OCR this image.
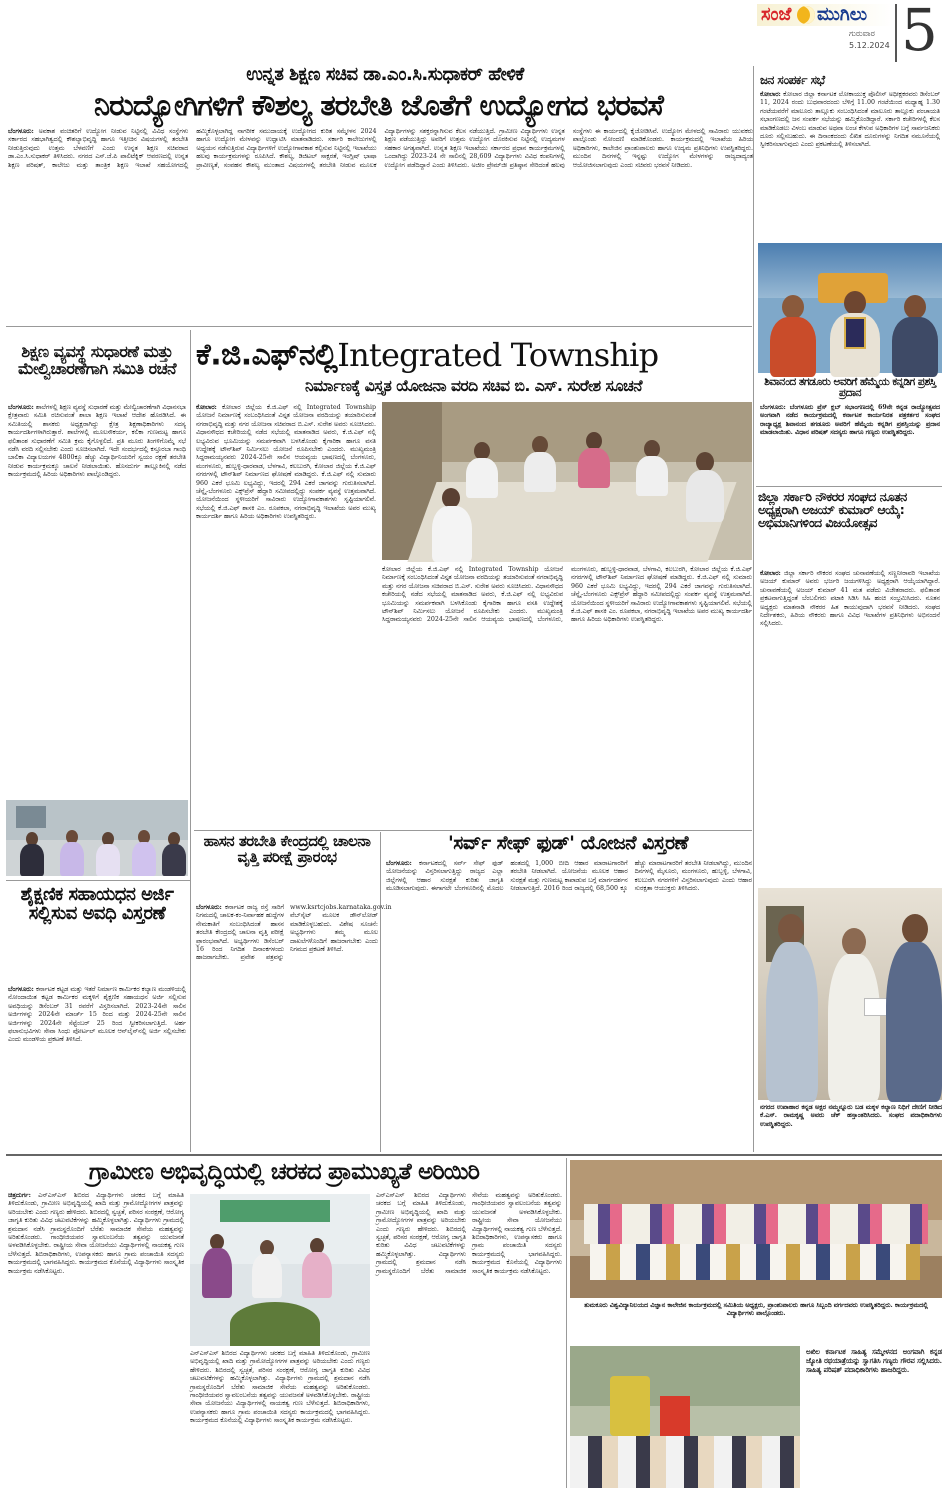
ಸಂಜೆ ಮುಗಿಲು
ಗುರುವಾರ
5.12.2024 5
ಉನ್ನತ ಶಿಕ್ಷಣ ಸಚಿವ ಡಾ.ಎಂ.ಸಿ.ಸುಧಾಕರ್ ಹೇಳಿಕೆ
ನಿರುದ್ಯೋಗಿಗಳಿಗೆ ಕೌಶಲ್ಯ ತರಬೇತಿ ಜೊತೆಗೆ ಉದ್ಯೋಗದ ಭರವಸೆ
ಬೆಂಗಳೂರು: ಅವಕಾಶ ವಂಚಿತರಿಗೆ ಉದ್ಯೋಗ ನೀಡುವ ನಿಟ್ಟಿನಲ್ಲಿ ವಿವಿಧ ಸಂಸ್ಥೆಗಳು ಸರ್ಕಾರದ ಸಹಭಾಗಿತ್ವದಲ್ಲಿ ಕೌಶಲ್ಯಾಭಿವೃದ್ಧಿ ಹಾಗೂ ಇತ್ತೀಚಿನ ವಿಷಯಗಳಲ್ಲಿ ತರಬೇತಿ ನೀಡುತ್ತಿರುವುದು ಉತ್ತಮ ಬೆಳವಣಿಗೆ ಎಂದು ಉನ್ನತ ಶಿಕ್ಷಣ ಸಚಿವರಾದ ಡಾ.ಎಂ.ಸಿ.ಸುಧಾಕರ್ ತಿಳಿಸಿದರು. ನಗರದ ಎಸ್.ಜೆ.ಪಿ ಪಾಲಿಟೆಕ್ನಿಕ್ ಆವರಣದಲ್ಲಿ ಉನ್ನತ ಶಿಕ್ಷಣ ಪರಿಷತ್, ಕಾಲೇಜು ಮತ್ತು ತಾಂತ್ರಿಕ ಶಿಕ್ಷಣ ಇಲಾಖೆ ಸಹಯೋಗದಲ್ಲಿ ಹಮ್ಮಿಕೊಳ್ಳಲಾಗಿದ್ದ ನಾಗರೀಕ ಸಮುದಾಯಕ್ಕೆ ಉದ್ಯೋಗದ ಕುರಿತ ಸಮ್ಮೇಳನ 2024 ಹಾಗೂ ಉದ್ಯೋಗ ಮೇಳವನ್ನು ಉದ್ಘಾಟಿಸಿ ಮಾತನಾಡಿದರು. ಸರ್ಕಾರಿ ಕಾಲೇಜುಗಳಲ್ಲಿ ಅಧ್ಯಯನ ನಡೆಸುತ್ತಿರುವ ವಿದ್ಯಾರ್ಥಿಗಳಿಗೆ ಉದ್ಯೋಗಾವಕಾಶ ಕಲ್ಪಿಸುವ ನಿಟ್ಟಿನಲ್ಲಿ ಇಲಾಖೆಯು ಹಲವು ಕಾರ್ಯಕ್ರಮಗಳನ್ನು ರೂಪಿಸಿದೆ. ಕೌಶಲ್ಯ, ಡಿಜಿಟಲ್ ಸಾಕ್ಷರತೆ, ಇಂಗ್ಲಿಷ್ ಭಾಷಾ ಪ್ರಾವೀಣ್ಯತೆ, ಸಂವಹನ ಕೌಶಲ್ಯ ಮುಂತಾದ ವಿಷಯಗಳಲ್ಲಿ ತರಬೇತಿ ನೀಡುವ ಮೂಲಕ ವಿದ್ಯಾರ್ಥಿಗಳನ್ನು ಸಶಕ್ತರನ್ನಾಗಿಸುವ ಕೆಲಸ ನಡೆಯುತ್ತಿದೆ. ಗ್ರಾಮೀಣ ವಿದ್ಯಾರ್ಥಿಗಳು ಉನ್ನತ ಶಿಕ್ಷಣ ಪಡೆಯುತ್ತಿದ್ದು ಅವರಿಗೆ ಉತ್ತಮ ಉದ್ಯೋಗ ದೊರಕಿಸುವ ನಿಟ್ಟಿನಲ್ಲಿ ಉದ್ಯಮಗಳ ಸಹಕಾರ ಅಗತ್ಯವಾಗಿದೆ. ಉನ್ನತ ಶಿಕ್ಷಣ ಇಲಾಖೆಯು ಸರ್ಕಾರದ ಪ್ರಧಾನ ಕಾರ್ಯಕ್ರಮಗಳಲ್ಲಿ ಒಂದಾಗಿದ್ದು 2023-24 ನೇ ಸಾಲಿನಲ್ಲಿ 28,609 ವಿದ್ಯಾರ್ಥಿಗಳು ವಿವಿಧ ಕಂಪನಿಗಳಲ್ಲಿ ಉದ್ಯೋಗ ಪಡೆದಿದ್ದಾರೆ ಎಂದು ತಿಳಿಸಿದರು. ಅಜೀಂ ಪ್ರೇಮ್‌ಜೀ ಪ್ರತಿಷ್ಠಾನ ಸೇರಿದಂತೆ ಹಲವು ಸಂಸ್ಥೆಗಳು ಈ ಕಾರ್ಯದಲ್ಲಿ ಕೈಜೋಡಿಸಿವೆ. ಉದ್ಯೋಗ ಮೇಳದಲ್ಲಿ ಸಾವಿರಾರು ಯುವಕರು ಪಾಲ್ಗೊಂಡು ನೋಂದಣಿ ಮಾಡಿಕೊಂಡರು. ಕಾರ್ಯಕ್ರಮದಲ್ಲಿ ಇಲಾಖೆಯ ಹಿರಿಯ ಅಧಿಕಾರಿಗಳು, ಕಾಲೇಜಿನ ಪ್ರಾಂಶುಪಾಲರು ಹಾಗೂ ಉದ್ಯಮ ಪ್ರತಿನಿಧಿಗಳು ಉಪಸ್ಥಿತರಿದ್ದರು. ಮುಂದಿನ ದಿನಗಳಲ್ಲಿ ಇನ್ನಷ್ಟು ಉದ್ಯೋಗ ಮೇಳಗಳನ್ನು ರಾಜ್ಯದಾದ್ಯಂತ ಆಯೋಜಿಸಲಾಗುವುದು ಎಂದು ಸಚಿವರು ಭರವಸೆ ನೀಡಿದರು.
ಜನ ಸಂಪರ್ಕ ಸಭೆ
ಕೋಲಾರ: ಕೋಲಾರ ಜಿಲ್ಲಾ ಕರ್ನಾಟಕ ಲೋಕಾಯುಕ್ತ ಪೊಲೀಸ್ ಅಧೀಕ್ಷಕರವರು ಡಿಸೆಂಬರ್ 11, 2024 ರಂದು ಬುಧವಾರದಂದು ಬೆಳಿಗ್ಗೆ 11.00 ಗಂಟೆಯಿಂದ ಮಧ್ಯಾಹ್ನ 1.30 ಗಂಟೆಯವರೆಗೆ ಮಾಲೂರು ತಾಲ್ಲೂಕು ಸಂಬಂಧಿಸಿದಂತೆ ಮಾಲೂರು ತಾಲ್ಲೂಕು ಪಂಚಾಯತಿ ಸಭಾಂಗಣದಲ್ಲಿ ಜನ ಸಂಪರ್ಕ ಸಭೆಯನ್ನು ಹಮ್ಮಿಕೊಂಡಿದ್ದಾರೆ. ಸರ್ಕಾರಿ ಕಚೇರಿಗಳಲ್ಲಿ ಕೆಲಸ ಮಾಡಿಕೊಡಲು ವಿಳಂಬ ಮಾಡುವ ಅಥವಾ ಲಂಚ ಕೇಳುವ ಅಧಿಕಾರಿಗಳ ಬಗ್ಗೆ ಸಾರ್ವಜನಿಕರು ದೂರು ಸಲ್ಲಿಸಬಹುದು. ಈ ದಿನಾಂಕದಂದು ಲಿಖಿತ ದೂರುಗಳನ್ನು ನಿಗದಿತ ನಮೂನೆಯಲ್ಲಿ ಸ್ವೀಕರಿಸಲಾಗುವುದು ಎಂದು ಪ್ರಕಟಣೆಯಲ್ಲಿ ತಿಳಿಸಲಾಗಿದೆ.
ಶಿವಾನಂದ ತಗಡೂರು ಅವರಿಗೆ ಹೆಮ್ಮೆಯ ಕನ್ನಡಿಗ ಪ್ರಶಸ್ತಿ ಪ್ರದಾನ
ಬೆಂಗಳೂರು: ಬೆಂಗಳೂರು ಪ್ರೆಸ್ ಕ್ಲಬ್ ಸಭಾಂಗಣದಲ್ಲಿ 69ನೇ ಕನ್ನಡ ರಾಜ್ಯೋತ್ಸವದ ಅಂಗವಾಗಿ ನಡೆದ ಕಾರ್ಯಕ್ರಮದಲ್ಲಿ ಕರ್ನಾಟಕ ಕಾರ್ಯನಿರತ ಪತ್ರಕರ್ತರ ಸಂಘದ ರಾಜ್ಯಾಧ್ಯಕ್ಷ ಶಿವಾನಂದ ತಗಡೂರು ಅವರಿಗೆ ಹೆಮ್ಮೆಯ ಕನ್ನಡಿಗ ಪ್ರಶಸ್ತಿಯನ್ನು ಪ್ರದಾನ ಮಾಡಲಾಯಿತು. ವಿಧಾನ ಪರಿಷತ್ ಸದಸ್ಯರು ಹಾಗೂ ಗಣ್ಯರು ಉಪಸ್ಥಿತರಿದ್ದರು.
ಜಿಲ್ಲಾ ಸರ್ಕಾರಿ ನೌಕರರ ಸಂಘದ ನೂತನ ಅಧ್ಯಕ್ಷರಾಗಿ ಅಜಯ್ ಕುಮಾರ್ ಆಯ್ಕೆ: ಅಭಿಮಾನಿಗಳಿಂದ ವಿಜಯೋತ್ಸವ
ಕೋಲಾರ: ಜಿಲ್ಲಾ ಸರ್ಕಾರಿ ನೌಕರರ ಸಂಘದ ಚುನಾವಣೆಯಲ್ಲಿ ಸಣ್ಣನೀರಾವರಿ ಇಲಾಖೆಯ ಅಜಯ್ ಕುಮಾರ್ ಅವರು ಭರ್ಜರಿ ಜಯಗಳಿಸಿದ್ದು ಅಧ್ಯಕ್ಷರಾಗಿ ಆಯ್ಕೆಯಾಗಿದ್ದಾರೆ. ಚುನಾವಣೆಯಲ್ಲಿ ಅಜಯ್ ಕುಮಾರ್ 41 ಮತ ಪಡೆದು ವಿಜೇತರಾದರು. ಫಲಿತಾಂಶ ಪ್ರಕಟವಾಗುತ್ತಿದ್ದಂತೆ ಬೆಂಬಲಿಗರು ಪಟಾಕಿ ಸಿಡಿಸಿ ಸಿಹಿ ಹಂಚಿ ಸಂಭ್ರಮಿಸಿದರು. ನೂತನ ಅಧ್ಯಕ್ಷರು ಮಾತನಾಡಿ ನೌಕರರ ಹಿತ ಕಾಯುವುದಾಗಿ ಭರವಸೆ ನೀಡಿದರು. ಸಂಘದ ನಿರ್ದೇಶಕರು, ಹಿರಿಯ ನೌಕರರು ಹಾಗೂ ವಿವಿಧ ಇಲಾಖೆಗಳ ಪ್ರತಿನಿಧಿಗಳು ಅಭಿನಂದನೆ ಸಲ್ಲಿಸಿದರು.
ನಗರದ ಉಪಾಹಾರ ಕನ್ನಡ ಅಕ್ಷರ ನಮ್ಮನ್ನೂರು ಬಡ ಮಕ್ಕಳ ಕಲ್ಯಾಣ ನಿಧಿಗೆ ದೇಣಿಗೆ ನೀಡಿದ ಕೆ.ಎಸ್. ರಾಮಕೃಷ್ಣ ಅವರು ಚೆಕ್ ಹಸ್ತಾಂತರಿಸಿದರು. ಸಂಘದ ಪದಾಧಿಕಾರಿಗಳು ಉಪಸ್ಥಿತರಿದ್ದರು.
ಶಿಕ್ಷಣ ವ್ಯವಸ್ಥೆ ಸುಧಾರಣೆ ಮತ್ತು ಮೇಲ್ವಿಚಾರಣೆಗಾಗಿ ಸಮಿತಿ ರಚನೆ
ಬೆಂಗಳೂರು: ಶಾಲೆಗಳಲ್ಲಿ ಶಿಕ್ಷಣ ವ್ಯವಸ್ಥೆ ಸುಧಾರಣೆ ಮತ್ತು ಮೇಲ್ವಿಚಾರಣೆಗಾಗಿ ವಿಧಾನಸಭಾ ಕ್ಷೇತ್ರವಾರು ಸಮಿತಿ ರಚಿಸುವಂತೆ ಶಾಲಾ ಶಿಕ್ಷಣ ಇಲಾಖೆ ಆದೇಶ ಹೊರಡಿಸಿದೆ. ಈ ಸಮಿತಿಯಲ್ಲಿ ಶಾಸಕರು ಅಧ್ಯಕ್ಷರಾಗಿದ್ದು ಕ್ಷೇತ್ರ ಶಿಕ್ಷಣಾಧಿಕಾರಿಗಳು ಸದಸ್ಯ ಕಾರ್ಯದರ್ಶಿಗಳಾಗಿರುತ್ತಾರೆ. ಶಾಲೆಗಳಲ್ಲಿ ಮೂಲಸೌಕರ್ಯ, ಕಲಿಕಾ ಗುಣಮಟ್ಟ ಹಾಗೂ ಫಲಿತಾಂಶ ಸುಧಾರಣೆಗೆ ಸಮಿತಿ ಕ್ರಮ ಕೈಗೊಳ್ಳಲಿದೆ. ಪ್ರತಿ ಮೂರು ತಿಂಗಳಿಗೊಮ್ಮೆ ಸಭೆ ನಡೆಸಿ ವರದಿ ಸಲ್ಲಿಸಬೇಕು ಎಂದು ಸೂಚಿಸಲಾಗಿದೆ. ಇದೇ ಸಂದರ್ಭದಲ್ಲಿ ಕಸ್ತೂರಬಾ ಗಾಂಧಿ ಬಾಲಿಕಾ ವಿದ್ಯಾಲಯಗಳ 4800ಕ್ಕೂ ಹೆಚ್ಚು ವಿದ್ಯಾರ್ಥಿನಿಯರಿಗೆ ಸ್ವಯಂ ರಕ್ಷಣೆ ತರಬೇತಿ ನೀಡುವ ಕಾರ್ಯಕ್ರಮಕ್ಕೂ ಚಾಲನೆ ನೀಡಲಾಯಿತು. ಹೊಸದುರ್ಗ ತಾಲ್ಲೂಕಿನಲ್ಲಿ ನಡೆದ ಕಾರ್ಯಕ್ರಮದಲ್ಲಿ ಹಿರಿಯ ಅಧಿಕಾರಿಗಳು ಪಾಲ್ಗೊಂಡಿದ್ದರು.
ಶೈಕ್ಷಣಿಕ ಸಹಾಯಧನ ಅರ್ಜಿ ಸಲ್ಲಿಸುವ ಅವಧಿ ವಿಸ್ತರಣೆ
ಬೆಂಗಳೂರು: ಕರ್ನಾಟಕ ಕಟ್ಟಡ ಮತ್ತು ಇತರೆ ನಿರ್ಮಾಣ ಕಾರ್ಮಿಕರ ಕಲ್ಯಾಣ ಮಂಡಳಿಯಲ್ಲಿ ನೋಂದಾಯಿತ ಕಟ್ಟಡ ಕಾರ್ಮಿಕರ ಮಕ್ಕಳಿಗೆ ಶೈಕ್ಷಣಿಕ ಸಹಾಯಧನ ಅರ್ಜಿ ಸಲ್ಲಿಸುವ ಅವಧಿಯನ್ನು ಡಿಸೆಂಬರ್ 31 ರವರೆಗೆ ವಿಸ್ತರಿಸಲಾಗಿದೆ. 2023-24ನೇ ಸಾಲಿನ ಅರ್ಜಿಗಳನ್ನು 2024ನೇ ಮಾರ್ಚ್ 15 ರಿಂದ ಮತ್ತು 2024-25ನೇ ಸಾಲಿನ ಅರ್ಜಿಗಳನ್ನು 2024ನೇ ಸೆಪ್ಟೆಂಬರ್ 25 ರಿಂದ ಸ್ವೀಕರಿಸಲಾಗುತ್ತಿದೆ. ಅರ್ಹ ಫಲಾನುಭವಿಗಳು ಸೇವಾ ಸಿಂಧು ಪೋರ್ಟಲ್ ಮೂಲಕ ಆನ್‌ಲೈನ್‌ನಲ್ಲಿ ಅರ್ಜಿ ಸಲ್ಲಿಸಬೇಕು ಎಂದು ಮಂಡಳಿಯ ಪ್ರಕಟಣೆ ತಿಳಿಸಿದೆ.
ಕೆ.ಜಿ.ಎಫ್‌ನಲ್ಲಿIntegrated Township
ನಿರ್ಮಾಣಕ್ಕೆ ವಿಸ್ತೃತ ಯೋಜನಾ ವರದಿ ಸಚಿವ ಬಿ. ಎಸ್. ಸುರೇಶ ಸೂಚನೆ
ಕೋಲಾರ: ಕೋಲಾರ ಜಿಲ್ಲೆಯ ಕೆ.ಜಿ.ಎಫ್ ನಲ್ಲಿ Integrated Township ಯೋಜನೆ ನಿರ್ಮಾಣಕ್ಕೆ ಸಂಬಂಧಿಸಿದಂತೆ ವಿಸ್ತೃತ ಯೋಜನಾ ವರದಿಯನ್ನು ತಯಾರಿಸುವಂತೆ ನಗರಾಭಿವೃದ್ಧಿ ಮತ್ತು ನಗರ ಯೋಜನಾ ಸಚಿವರಾದ ಬಿ.ಎಸ್. ಸುರೇಶ ಅವರು ಸೂಚಿಸಿದರು. ವಿಧಾನಸೌಧದ ಕಚೇರಿಯಲ್ಲಿ ನಡೆದ ಸಭೆಯಲ್ಲಿ ಮಾತನಾಡಿದ ಅವರು, ಕೆ.ಜಿ.ಎಫ್ ನಲ್ಲಿ ಲಭ್ಯವಿರುವ ಭೂಮಿಯನ್ನು ಸಮರ್ಪಕವಾಗಿ ಬಳಸಿಕೊಂಡು ಕೈಗಾರಿಕಾ ಹಾಗೂ ವಸತಿ ಉದ್ದೇಶಕ್ಕೆ ಟೌನ್‌ಶಿಪ್ ನಿರ್ಮಿಸಲು ಯೋಜನೆ ರೂಪಿಸಬೇಕು ಎಂದರು. ಮುಖ್ಯಮಂತ್ರಿ ಸಿದ್ದರಾಮಯ್ಯನವರು 2024-25ನೇ ಸಾಲಿನ ಆಯವ್ಯಯ ಭಾಷಣದಲ್ಲಿ ಬೆಂಗಳೂರು, ಮಂಗಳೂರು, ಹುಬ್ಬಳ್ಳಿ-ಧಾರವಾಡ, ಬೆಳಗಾವಿ, ಕಲಬುರಗಿ, ಕೋಲಾರ ಜಿಲ್ಲೆಯ ಕೆ.ಜಿ.ಎಫ್ ನಗರಗಳಲ್ಲಿ ಟೌನ್‌ಶಿಪ್ ನಿರ್ಮಾಣದ ಘೋಷಣೆ ಮಾಡಿದ್ದರು. ಕೆ.ಜಿ.ಎಫ್ ನಲ್ಲಿ ಸುಮಾರು 960 ಎಕರೆ ಭೂಮಿ ಲಭ್ಯವಿದ್ದು, ಇದರಲ್ಲಿ 294 ಎಕರೆ ಜಾಗವನ್ನು ಗುರುತಿಸಲಾಗಿದೆ. ಚೆನ್ನೈ-ಬೆಂಗಳೂರು ಎಕ್ಸ್‌ಪ್ರೆಸ್ ಹೆದ್ದಾರಿ ಸಮೀಪದಲ್ಲಿದ್ದು ಸಂಪರ್ಕ ವ್ಯವಸ್ಥೆ ಉತ್ತಮವಾಗಿದೆ. ಯೋಜನೆಯಿಂದ ಸ್ಥಳೀಯರಿಗೆ ಸಾವಿರಾರು ಉದ್ಯೋಗಾವಕಾಶಗಳು ಸೃಷ್ಟಿಯಾಗಲಿವೆ. ಸಭೆಯಲ್ಲಿ ಕೆ.ಜಿ.ಎಫ್ ಶಾಸಕಿ ಎಂ. ರೂಪಕಲಾ, ನಗರಾಭಿವೃದ್ಧಿ ಇಲಾಖೆಯ ಅಪರ ಮುಖ್ಯ ಕಾರ್ಯದರ್ಶಿ ಹಾಗೂ ಹಿರಿಯ ಅಧಿಕಾರಿಗಳು ಉಪಸ್ಥಿತರಿದ್ದರು.
ಕೋಲಾರ ಜಿಲ್ಲೆಯ ಕೆ.ಜಿ.ಎಫ್ ನಲ್ಲಿ Integrated Township ಯೋಜನೆ ನಿರ್ಮಾಣಕ್ಕೆ ಸಂಬಂಧಿಸಿದಂತೆ ವಿಸ್ತೃತ ಯೋಜನಾ ವರದಿಯನ್ನು ತಯಾರಿಸುವಂತೆ ನಗರಾಭಿವೃದ್ಧಿ ಮತ್ತು ನಗರ ಯೋಜನಾ ಸಚಿವರಾದ ಬಿ.ಎಸ್. ಸುರೇಶ ಅವರು ಸೂಚಿಸಿದರು. ವಿಧಾನಸೌಧದ ಕಚೇರಿಯಲ್ಲಿ ನಡೆದ ಸಭೆಯಲ್ಲಿ ಮಾತನಾಡಿದ ಅವರು, ಕೆ.ಜಿ.ಎಫ್ ನಲ್ಲಿ ಲಭ್ಯವಿರುವ ಭೂಮಿಯನ್ನು ಸಮರ್ಪಕವಾಗಿ ಬಳಸಿಕೊಂಡು ಕೈಗಾರಿಕಾ ಹಾಗೂ ವಸತಿ ಉದ್ದೇಶಕ್ಕೆ ಟೌನ್‌ಶಿಪ್ ನಿರ್ಮಿಸಲು ಯೋಜನೆ ರೂಪಿಸಬೇಕು ಎಂದರು. ಮುಖ್ಯಮಂತ್ರಿ ಸಿದ್ದರಾಮಯ್ಯನವರು 2024-25ನೇ ಸಾಲಿನ ಆಯವ್ಯಯ ಭಾಷಣದಲ್ಲಿ ಬೆಂಗಳೂರು, ಮಂಗಳೂರು, ಹುಬ್ಬಳ್ಳಿ-ಧಾರವಾಡ, ಬೆಳಗಾವಿ, ಕಲಬುರಗಿ, ಕೋಲಾರ ಜಿಲ್ಲೆಯ ಕೆ.ಜಿ.ಎಫ್ ನಗರಗಳಲ್ಲಿ ಟೌನ್‌ಶಿಪ್ ನಿರ್ಮಾಣದ ಘೋಷಣೆ ಮಾಡಿದ್ದರು. ಕೆ.ಜಿ.ಎಫ್ ನಲ್ಲಿ ಸುಮಾರು 960 ಎಕರೆ ಭೂಮಿ ಲಭ್ಯವಿದ್ದು, ಇದರಲ್ಲಿ 294 ಎಕರೆ ಜಾಗವನ್ನು ಗುರುತಿಸಲಾಗಿದೆ. ಚೆನ್ನೈ-ಬೆಂಗಳೂರು ಎಕ್ಸ್‌ಪ್ರೆಸ್ ಹೆದ್ದಾರಿ ಸಮೀಪದಲ್ಲಿದ್ದು ಸಂಪರ್ಕ ವ್ಯವಸ್ಥೆ ಉತ್ತಮವಾಗಿದೆ. ಯೋಜನೆಯಿಂದ ಸ್ಥಳೀಯರಿಗೆ ಸಾವಿರಾರು ಉದ್ಯೋಗಾವಕಾಶಗಳು ಸೃಷ್ಟಿಯಾಗಲಿವೆ. ಸಭೆಯಲ್ಲಿ ಕೆ.ಜಿ.ಎಫ್ ಶಾಸಕಿ ಎಂ. ರೂಪಕಲಾ, ನಗರಾಭಿವೃದ್ಧಿ ಇಲಾಖೆಯ ಅಪರ ಮುಖ್ಯ ಕಾರ್ಯದರ್ಶಿ ಹಾಗೂ ಹಿರಿಯ ಅಧಿಕಾರಿಗಳು ಉಪಸ್ಥಿತರಿದ್ದರು.
ಹಾಸನ ತರಬೇತಿ ಕೇಂದ್ರದಲ್ಲಿ ಚಾಲನಾ ವೃತ್ತಿ ಪರೀಕ್ಷೆ ಪ್ರಾರಂಭ
ಬೆಂಗಳೂರು: ಕರ್ನಾಟಕ ರಾಜ್ಯ ರಸ್ತೆ ಸಾರಿಗೆ ನಿಗಮದಲ್ಲಿ ಚಾಲಕ-ಕಂ-ನಿರ್ವಾಹಕ ಹುದ್ದೆಗಳ ನೇಮಕಾತಿಗೆ ಸಂಬಂಧಿಸಿದಂತೆ ಹಾಸನ ತರಬೇತಿ ಕೇಂದ್ರದಲ್ಲಿ ಚಾಲನಾ ವೃತ್ತಿ ಪರೀಕ್ಷೆ ಪ್ರಾರಂಭವಾಗಿದೆ. ಅಭ್ಯರ್ಥಿಗಳು ಡಿಸೆಂಬರ್ 16 ರಿಂದ ನಿಗದಿತ ದಿನಾಂಕಗಳಂದು ಹಾಜರಾಗಬೇಕು. ಪ್ರವೇಶ ಪತ್ರವನ್ನು www.ksrtcjobs.karnataka.gov.in ವೆಬ್‌ಸೈಟ್ ಮೂಲಕ ಡೌನ್‌ಲೋಡ್ ಮಾಡಿಕೊಳ್ಳಬಹುದು. ವಿಶೇಷ ಸೂಚನೆ: ಅಭ್ಯರ್ಥಿಗಳು ತಮ್ಮ ಮೂಲ ದಾಖಲೆಗಳೊಂದಿಗೆ ಹಾಜರಾಗಬೇಕು ಎಂದು ನಿಗಮದ ಪ್ರಕಟಣೆ ತಿಳಿಸಿದೆ.
'ಸರ್ವ್ ಸೇಫ್ ಫುಡ್' ಯೋಜನೆ ವಿಸ್ತರಣೆ
ಬೆಂಗಳೂರು: ಕರ್ನಾಟಕದಲ್ಲಿ ಸರ್ವ್ ಸೇಫ್ ಫುಡ್ ಯೋಜನೆಯನ್ನು ವಿಸ್ತರಿಸಲಾಗುತ್ತಿದ್ದು ರಾಜ್ಯದ ಎಲ್ಲಾ ಜಿಲ್ಲೆಗಳಲ್ಲಿ ಆಹಾರ ಸುರಕ್ಷತೆ ಕುರಿತು ಜಾಗೃತಿ ಮೂಡಿಸಲಾಗುವುದು. ಈಗಾಗಲೇ ಬೆಂಗಳೂರಿನಲ್ಲಿ ಮೊದಲ ಹಂತದಲ್ಲಿ 1,000 ಬೀದಿ ಆಹಾರ ಮಾರಾಟಗಾರರಿಗೆ ತರಬೇತಿ ನೀಡಲಾಗಿದೆ. ಯೋಜನೆಯ ಮೂಲಕ ಆಹಾರ ಸುರಕ್ಷತೆ ಮತ್ತು ಗುಣಮಟ್ಟ ಕಾಪಾಡುವ ಬಗ್ಗೆ ಮಾರ್ಗದರ್ಶನ ನೀಡಲಾಗುತ್ತಿದೆ. 2016 ರಿಂದ ರಾಜ್ಯದಲ್ಲಿ 68,500 ಕ್ಕೂ ಹೆಚ್ಚು ಮಾರಾಟಗಾರರಿಗೆ ತರಬೇತಿ ನೀಡಲಾಗಿದ್ದು, ಮುಂದಿನ ದಿನಗಳಲ್ಲಿ ಮೈಸೂರು, ಮಂಗಳೂರು, ಹುಬ್ಬಳ್ಳಿ, ಬೆಳಗಾವಿ, ಕಲಬುರಗಿ ನಗರಗಳಿಗೆ ವಿಸ್ತರಿಸಲಾಗುವುದು ಎಂದು ಆಹಾರ ಸುರಕ್ಷತಾ ಆಯುಕ್ತರು ತಿಳಿಸಿದರು.
ಗ್ರಾಮೀಣ ಅಭಿವೃದ್ಧಿಯಲ್ಲಿ ಚರಕದ ಪ್ರಾಮುಖ್ಯತೆ ಅರಿಯಿರಿ
ಚಿತ್ರದುರ್ಗ: ಎನ್‌ಎಸ್‌ಎಸ್ ಶಿಬಿರದ ವಿದ್ಯಾರ್ಥಿಗಳು ಚರಕದ ಬಗ್ಗೆ ಮಾಹಿತಿ ತಿಳಿದುಕೊಂಡು, ಗ್ರಾಮೀಣ ಅಭಿವೃದ್ಧಿಯಲ್ಲಿ ಖಾದಿ ಮತ್ತು ಗ್ರಾಮೋದ್ಯೋಗಗಳ ಪಾತ್ರವನ್ನು ಅರಿಯಬೇಕು ಎಂದು ಗಣ್ಯರು ಹೇಳಿದರು. ಶಿಬಿರದಲ್ಲಿ ಸ್ವಚ್ಛತೆ, ಪರಿಸರ ಸಂರಕ್ಷಣೆ, ಆರೋಗ್ಯ ಜಾಗೃತಿ ಕುರಿತು ವಿವಿಧ ಚಟುವಟಿಕೆಗಳನ್ನು ಹಮ್ಮಿಕೊಳ್ಳಲಾಗಿತ್ತು. ವಿದ್ಯಾರ್ಥಿಗಳು ಗ್ರಾಮದಲ್ಲಿ ಶ್ರಮದಾನ ನಡೆಸಿ ಗ್ರಾಮಸ್ಥರೊಂದಿಗೆ ಬೆರೆತು ಸಾಮಾಜಿಕ ಸೇವೆಯ ಮಹತ್ವವನ್ನು ಅರಿತುಕೊಂಡರು. ಗಾಂಧೀಜಿಯವರ ಸ್ವಾವಲಂಬನೆಯ ತತ್ವವನ್ನು ಯುವಜನತೆ ಅಳವಡಿಸಿಕೊಳ್ಳಬೇಕು. ರಾಷ್ಟ್ರೀಯ ಸೇವಾ ಯೋಜನೆಯು ವಿದ್ಯಾರ್ಥಿಗಳಲ್ಲಿ ನಾಯಕತ್ವ ಗುಣ ಬೆಳೆಸುತ್ತದೆ. ಶಿಬಿರಾಧಿಕಾರಿಗಳು, ಉಪನ್ಯಾಸಕರು ಹಾಗೂ ಗ್ರಾಮ ಪಂಚಾಯಿತಿ ಸದಸ್ಯರು ಕಾರ್ಯಕ್ರಮದಲ್ಲಿ ಭಾಗವಹಿಸಿದ್ದರು. ಕಾರ್ಯಕ್ರಮದ ಕೊನೆಯಲ್ಲಿ ವಿದ್ಯಾರ್ಥಿಗಳು ಸಾಂಸ್ಕೃತಿಕ ಕಾರ್ಯಕ್ರಮ ನಡೆಸಿಕೊಟ್ಟರು.
ಎನ್‌ಎಸ್‌ಎಸ್ ಶಿಬಿರದ ವಿದ್ಯಾರ್ಥಿಗಳು ಚರಕದ ಬಗ್ಗೆ ಮಾಹಿತಿ ತಿಳಿದುಕೊಂಡು, ಗ್ರಾಮೀಣ ಅಭಿವೃದ್ಧಿಯಲ್ಲಿ ಖಾದಿ ಮತ್ತು ಗ್ರಾಮೋದ್ಯೋಗಗಳ ಪಾತ್ರವನ್ನು ಅರಿಯಬೇಕು ಎಂದು ಗಣ್ಯರು ಹೇಳಿದರು. ಶಿಬಿರದಲ್ಲಿ ಸ್ವಚ್ಛತೆ, ಪರಿಸರ ಸಂರಕ್ಷಣೆ, ಆರೋಗ್ಯ ಜಾಗೃತಿ ಕುರಿತು ವಿವಿಧ ಚಟುವಟಿಕೆಗಳನ್ನು ಹಮ್ಮಿಕೊಳ್ಳಲಾಗಿತ್ತು. ವಿದ್ಯಾರ್ಥಿಗಳು ಗ್ರಾಮದಲ್ಲಿ ಶ್ರಮದಾನ ನಡೆಸಿ ಗ್ರಾಮಸ್ಥರೊಂದಿಗೆ ಬೆರೆತು ಸಾಮಾಜಿಕ ಸೇವೆಯ ಮಹತ್ವವನ್ನು ಅರಿತುಕೊಂಡರು. ಗಾಂಧೀಜಿಯವರ ಸ್ವಾವಲಂಬನೆಯ ತತ್ವವನ್ನು ಯುವಜನತೆ ಅಳವಡಿಸಿಕೊಳ್ಳಬೇಕು. ರಾಷ್ಟ್ರೀಯ ಸೇವಾ ಯೋಜನೆಯು ವಿದ್ಯಾರ್ಥಿಗಳಲ್ಲಿ ನಾಯಕತ್ವ ಗುಣ ಬೆಳೆಸುತ್ತದೆ. ಶಿಬಿರಾಧಿಕಾರಿಗಳು, ಉಪನ್ಯಾಸಕರು ಹಾಗೂ ಗ್ರಾಮ ಪಂಚಾಯಿತಿ ಸದಸ್ಯರು ಕಾರ್ಯಕ್ರಮದಲ್ಲಿ ಭಾಗವಹಿಸಿದ್ದರು. ಕಾರ್ಯಕ್ರಮದ ಕೊನೆಯಲ್ಲಿ ವಿದ್ಯಾರ್ಥಿಗಳು ಸಾಂಸ್ಕೃತಿಕ ಕಾರ್ಯಕ್ರಮ ನಡೆಸಿಕೊಟ್ಟರು.
ಎನ್‌ಎಸ್‌ಎಸ್ ಶಿಬಿರದ ವಿದ್ಯಾರ್ಥಿಗಳು ಚರಕದ ಬಗ್ಗೆ ಮಾಹಿತಿ ತಿಳಿದುಕೊಂಡು, ಗ್ರಾಮೀಣ ಅಭಿವೃದ್ಧಿಯಲ್ಲಿ ಖಾದಿ ಮತ್ತು ಗ್ರಾಮೋದ್ಯೋಗಗಳ ಪಾತ್ರವನ್ನು ಅರಿಯಬೇಕು ಎಂದು ಗಣ್ಯರು ಹೇಳಿದರು. ಶಿಬಿರದಲ್ಲಿ ಸ್ವಚ್ಛತೆ, ಪರಿಸರ ಸಂರಕ್ಷಣೆ, ಆರೋಗ್ಯ ಜಾಗೃತಿ ಕುರಿತು ವಿವಿಧ ಚಟುವಟಿಕೆಗಳನ್ನು ಹಮ್ಮಿಕೊಳ್ಳಲಾಗಿತ್ತು. ವಿದ್ಯಾರ್ಥಿಗಳು ಗ್ರಾಮದಲ್ಲಿ ಶ್ರಮದಾನ ನಡೆಸಿ ಗ್ರಾಮಸ್ಥರೊಂದಿಗೆ ಬೆರೆತು ಸಾಮಾಜಿಕ ಸೇವೆಯ ಮಹತ್ವವನ್ನು ಅರಿತುಕೊಂಡರು. ಗಾಂಧೀಜಿಯವರ ಸ್ವಾವಲಂಬನೆಯ ತತ್ವವನ್ನು ಯುವಜನತೆ ಅಳವಡಿಸಿಕೊಳ್ಳಬೇಕು. ರಾಷ್ಟ್ರೀಯ ಸೇವಾ ಯೋಜನೆಯು ವಿದ್ಯಾರ್ಥಿಗಳಲ್ಲಿ ನಾಯಕತ್ವ ಗುಣ ಬೆಳೆಸುತ್ತದೆ. ಶಿಬಿರಾಧಿಕಾರಿಗಳು, ಉಪನ್ಯಾಸಕರು ಹಾಗೂ ಗ್ರಾಮ ಪಂಚಾಯಿತಿ ಸದಸ್ಯರು ಕಾರ್ಯಕ್ರಮದಲ್ಲಿ ಭಾಗವಹಿಸಿದ್ದರು. ಕಾರ್ಯಕ್ರಮದ ಕೊನೆಯಲ್ಲಿ ವಿದ್ಯಾರ್ಥಿಗಳು ಸಾಂಸ್ಕೃತಿಕ ಕಾರ್ಯಕ್ರಮ ನಡೆಸಿಕೊಟ್ಟರು.
ತುಮಕೂರು ವಿಶ್ವವಿದ್ಯಾನಿಲಯದ ವಿಜ್ಞಾನ ಕಾಲೇಜಿನ ಕಾರ್ಯಕ್ರಮದಲ್ಲಿ ಸಮಿತಿಯ ಅಧ್ಯಕ್ಷರು, ಪ್ರಾಂಶುಪಾಲರು ಹಾಗೂ ಸಿಬ್ಬಂದಿ ವರ್ಗದವರು ಉಪಸ್ಥಿತರಿದ್ದರು. ಕಾರ್ಯಕ್ರಮದಲ್ಲಿ ವಿದ್ಯಾರ್ಥಿಗಳು ಪಾಲ್ಗೊಂಡರು.
ಅಖಿಲ ಕರ್ನಾಟಕ ಸಾಹಿತ್ಯ ಸಮ್ಮೇಳನದ ಅಂಗವಾಗಿ ಕನ್ನಡ ಜ್ಯೋತಿ ರಥಯಾತ್ರೆಯನ್ನು ಸ್ವಾಗತಿಸಿ ಗಣ್ಯರು ಗೌರವ ಸಲ್ಲಿಸಿದರು. ಸಾಹಿತ್ಯ ಪರಿಷತ್ ಪದಾಧಿಕಾರಿಗಳು ಹಾಜರಿದ್ದರು.
